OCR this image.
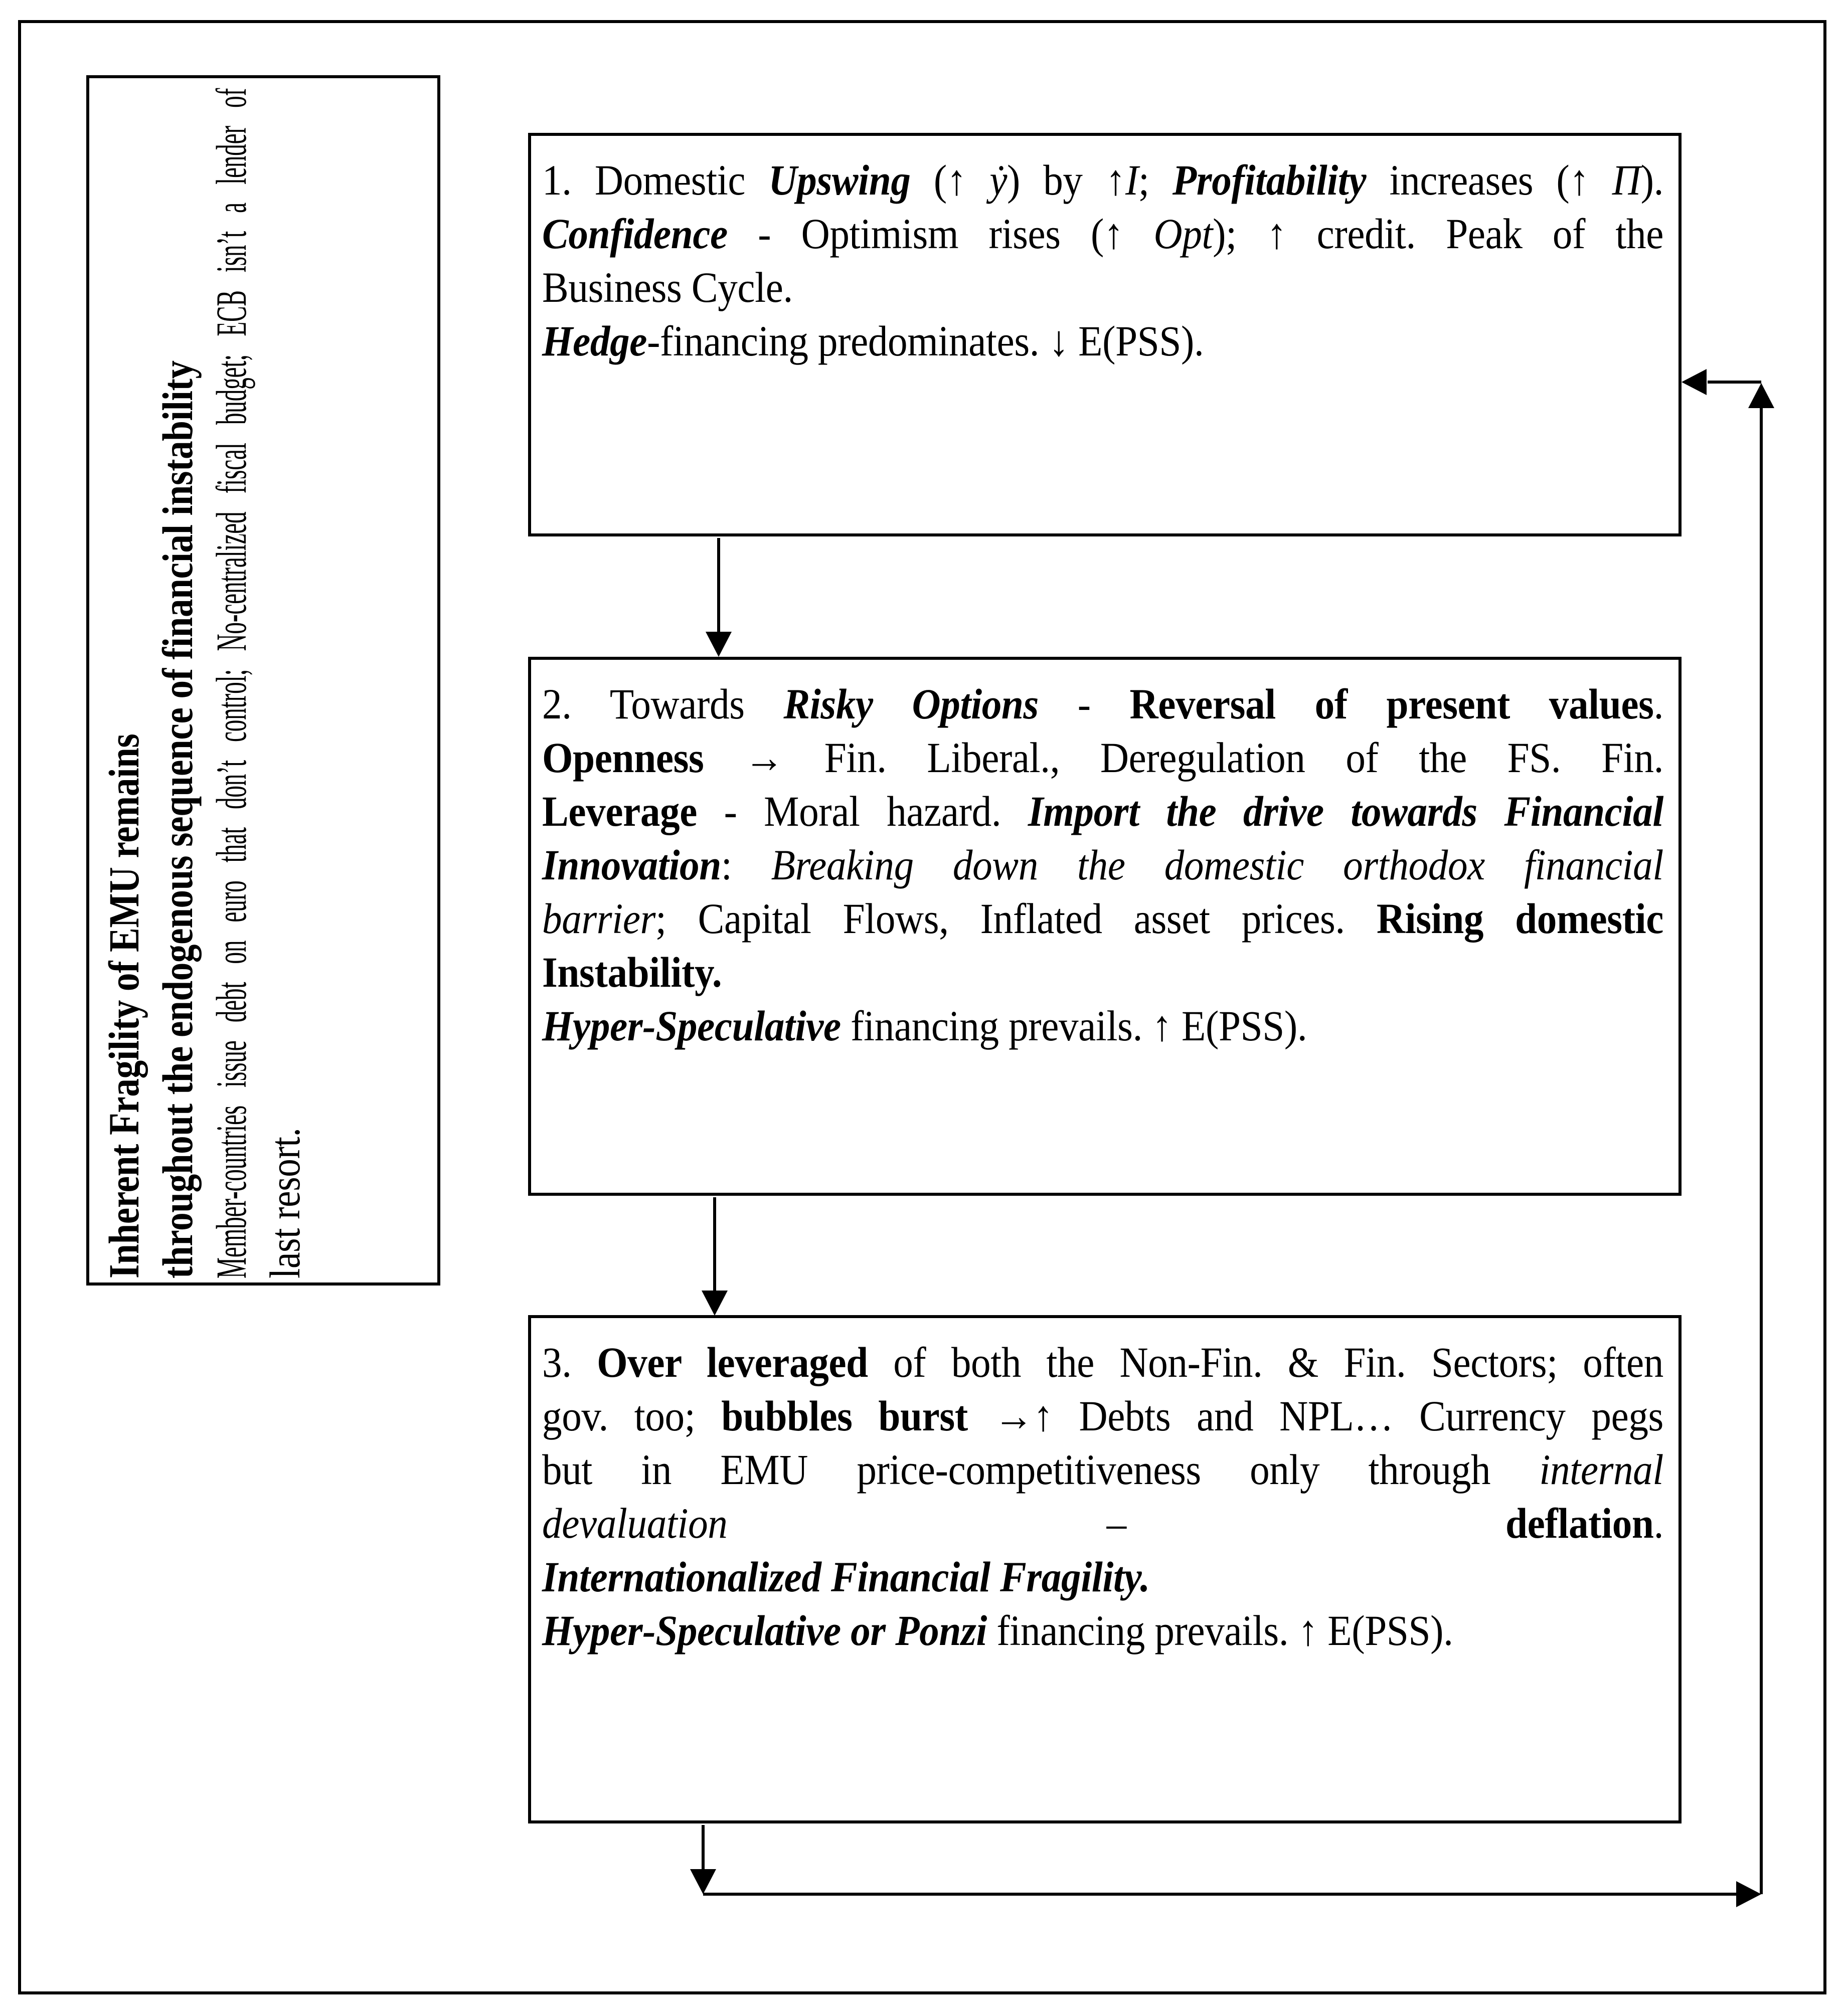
Inherent Fragility of EMU remains throughout the endogenous sequence of financial instability Member-countries issue debt on euro that don’t control; No-centralized fiscal budget; ECB isn’t a lender of last resort.
1. Domestic Upswing (↑ ẏ) by ↑I; Profitability increases (↑ Π).
Confidence - Optimism rises (↑ Opt); ↑ credit. Peak of the
Business Cycle.
Hedge-financing predominates. ↓ E(PSS).
2. Towards Risky Options - Reversal of present values.
Openness → Fin. Liberal., Deregulation of the FS. Fin.
Leverage - Moral hazard. Import the drive towards Financial
Innovation: Breaking down the domestic orthodox financial
barrier; Capital Flows, Inflated asset prices. Rising domestic
Instability.
Hyper-Speculative financing prevails. ↑ E(PSS).
3. Over leveraged of both the Non-Fin. & Fin. Sectors; often
gov. too; bubbles burst →↑ Debts and NPL… Currency pegs
but in EMU price-competitiveness only through internal
devaluation – deflation.
Internationalized Financial Fragility.
Hyper-Speculative or Ponzi financing prevails. ↑ E(PSS).
